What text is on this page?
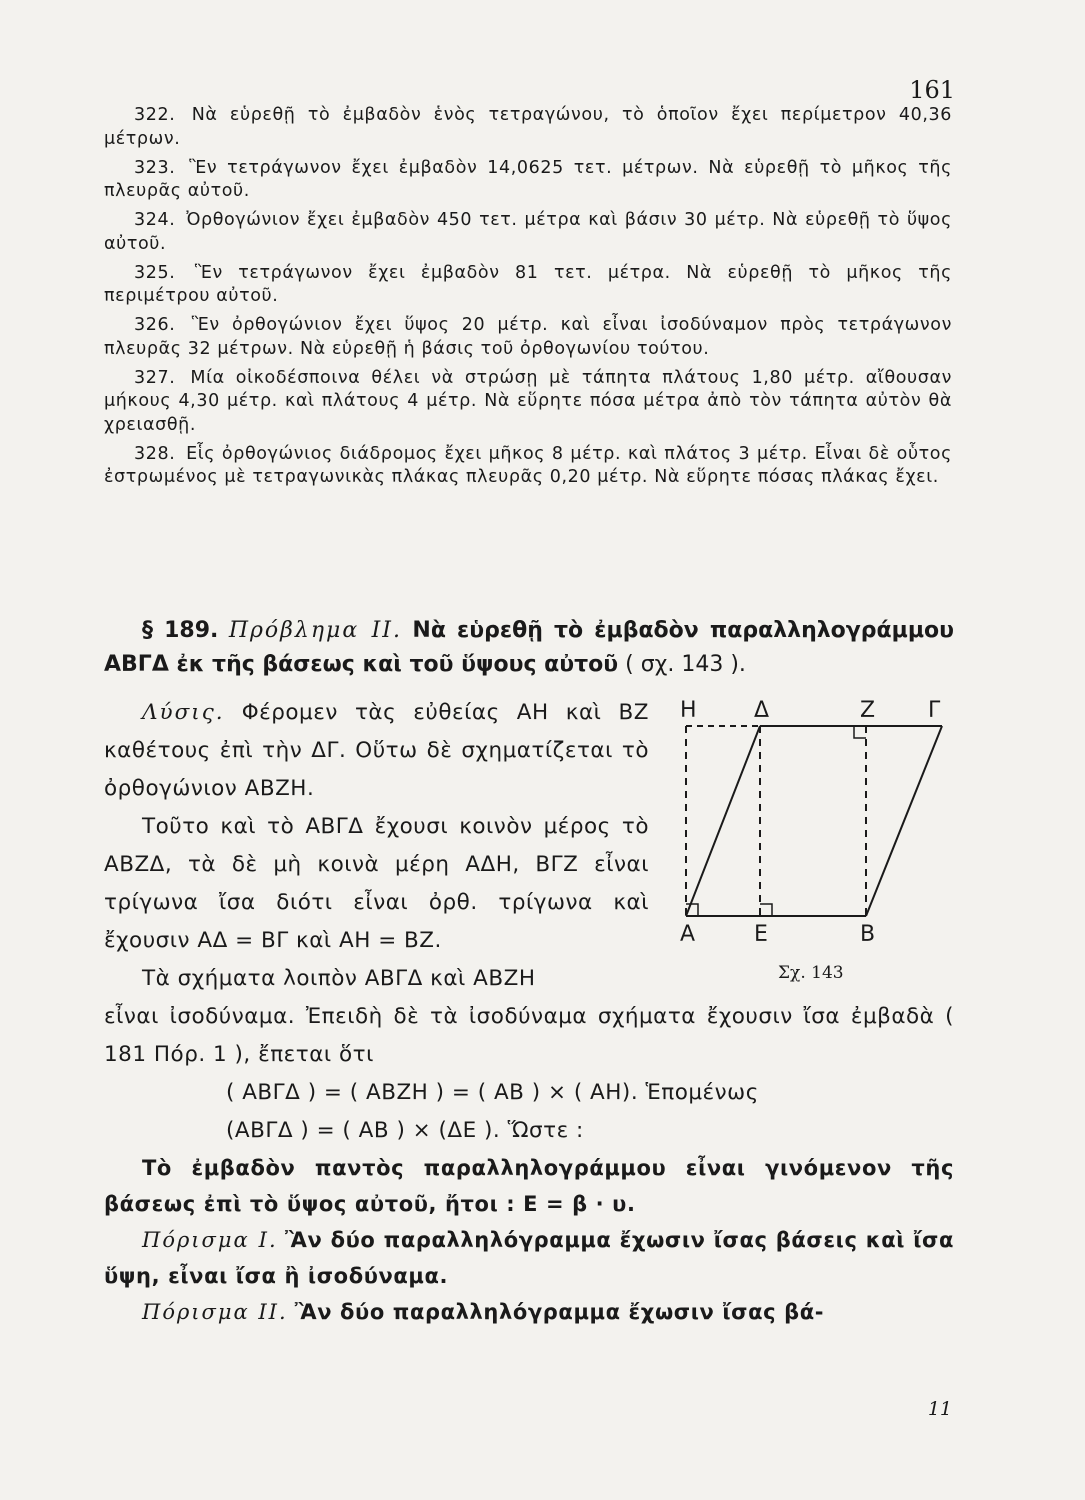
161

322. Νὰ εὑρεθῇ τὸ ἐμβαδὸν ἑνὸς τετραγώνου, τὸ ὁποῖον ἔχει περίμετρον 40,36 μέτρων.

323. Ἓν τετράγωνον ἔχει ἐμβαδὸν 14,0625 τετ. μέτρων. Νὰ εὑρεθῇ τὸ μῆκος τῆς πλευρᾶς αὐτοῦ.

324. Ὀρθογώνιον ἔχει ἐμβαδὸν 450 τετ. μέτρα καὶ βάσιν 30 μέτρ. Νὰ εὑρεθῇ τὸ ὕψος αὐτοῦ.

325. Ἓν τετράγωνον ἔχει ἐμβαδὸν 81 τετ. μέτρα. Νὰ εὑρεθῇ τὸ μῆκος τῆς περιμέτρου αὐτοῦ.

326. Ἓν ὀρθογώνιον ἔχει ὕψος 20 μέτρ. καὶ εἶναι ἰσοδύναμον πρὸς τετράγωνον πλευρᾶς 32 μέτρων. Νὰ εὑρεθῇ ἡ βάσις τοῦ ὀρθογωνίου τούτου.

327. Μία οἰκοδέσποινα θέλει νὰ στρώσῃ μὲ τάπητα πλάτους 1,80 μέτρ. αἴθουσαν μήκους 4,30 μέτρ. καὶ πλάτους 4 μέτρ. Νὰ εὕρητε πόσα μέτρα ἀπὸ τὸν τάπητα αὐτὸν θὰ χρειασθῇ.

328. Εἷς ὀρθογώνιος διάδρομος ἔχει μῆκος 8 μέτρ. καὶ πλάτος 3 μέτρ. Εἶναι δὲ οὗτος ἐστρωμένος μὲ τετραγωνικὰς πλάκας πλευρᾶς 0,20 μέτρ. Νὰ εὕρητε πόσας πλάκας ἔχει.

§ 189. Πρόβλημα II. Νὰ εὑρεθῇ τὸ ἐμβαδὸν παραλληλογράμμου ΑΒΓΔ ἐκ τῆς βάσεως καὶ τοῦ ὕψους αὐτοῦ ( σχ. 143 ).

Λύσις. Φέρομεν τὰς εὐθείας ΑΗ καὶ ΒΖ καθέτους ἐπὶ τὴν ΔΓ. Οὕτω δὲ σχηματίζεται τὸ ὀρθογώνιον ΑΒΖΗ.

Τοῦτο καὶ τὸ ΑΒΓΔ ἔχουσι κοινὸν μέρος τὸ ΑΒΖΔ, τὰ δὲ μὴ κοινὰ μέρη ΑΔΗ, ΒΓΖ εἶναι τρίγωνα ἴσα διότι εἶναι ὀρθ. τρίγωνα καὶ ἔχουσιν ΑΔ = ΒΓ καὶ ΑΗ = ΒΖ.

Τὰ σχήματα λοιπὸν ΑΒΓΔ καὶ ΑΒΖΗ

Η	Δ	Ζ Γ
Α	Ε	Β
Σχ. 143

εἶναι ἰσοδύναμα. Ἐπειδὴ δὲ τὰ ἰσοδύναμα σχήματα ἔχουσιν ἴσα ἐμβαδὰ ( 181 Πόρ. 1 ), ἔπεται ὅτι

( ΑΒΓΔ ) = ( ΑΒΖΗ ) = ( ΑΒ ) × ( ΑΗ). Ἑπομένως

(ΑΒΓΔ ) = ( ΑΒ ) × (ΔΕ ). Ὥστε :

Τὸ ἐμβαδὸν παντὸς παραλληλογράμμου εἶναι γινόμενον τῆς βάσεως ἐπὶ τὸ ὕψος αὐτοῦ, ἤτοι : Ε = β · υ.

Πόρισμα I. Ἂν δύο παραλληλόγραμμα ἔχωσιν ἴσας βάσεις καὶ ἴσα ὕψη, εἶναι ἴσα ἢ ἰσοδύναμα.

Πόρισμα II. Ἂν δύο παραλληλόγραμμα ἔχωσιν ἴσας βά-

11
